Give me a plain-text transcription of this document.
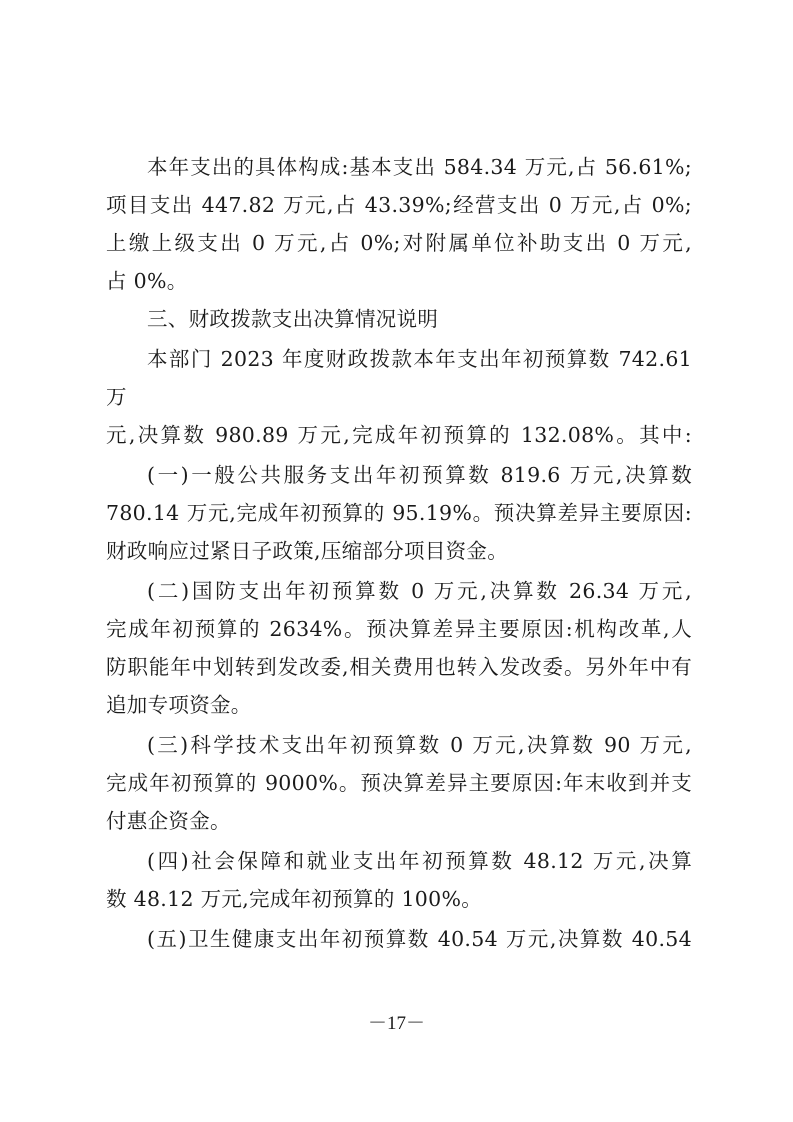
本年支出的具体构成:基本支出 584.34 万元,占 56.61%;

项目支出 447.82 万元,占 43.39%;经营支出 0 万元,占 0%;

上缴上级支出 0 万元,占 0%;对附属单位补助支出 0 万元,

占 0%。

三、财政拨款支出决算情况说明

本部门 2023 年度财政拨款本年支出年初预算数 742.61 万

元,决算数 980.89 万元,完成年初预算的 132.08%。其中:

(一)一般公共服务支出年初预算数 819.6 万元,决算数

780.14 万元,完成年初预算的 95.19%。预决算差异主要原因:

财政响应过紧日子政策,压缩部分项目资金。

(二)国防支出年初预算数 0 万元,决算数 26.34 万元,

完成年初预算的 2634%。预决算差异主要原因:机构改革,人

防职能年中划转到发改委,相关费用也转入发改委。另外年中有

追加专项资金。

(三)科学技术支出年初预算数 0 万元,决算数 90 万元,

完成年初预算的 9000%。预决算差异主要原因:年末收到并支

付惠企资金。

(四)社会保障和就业支出年初预算数 48.12 万元,决算

数 48.12 万元,完成年初预算的 100%。

(五)卫生健康支出年初预算数 40.54 万元,决算数 40.54

－17－
